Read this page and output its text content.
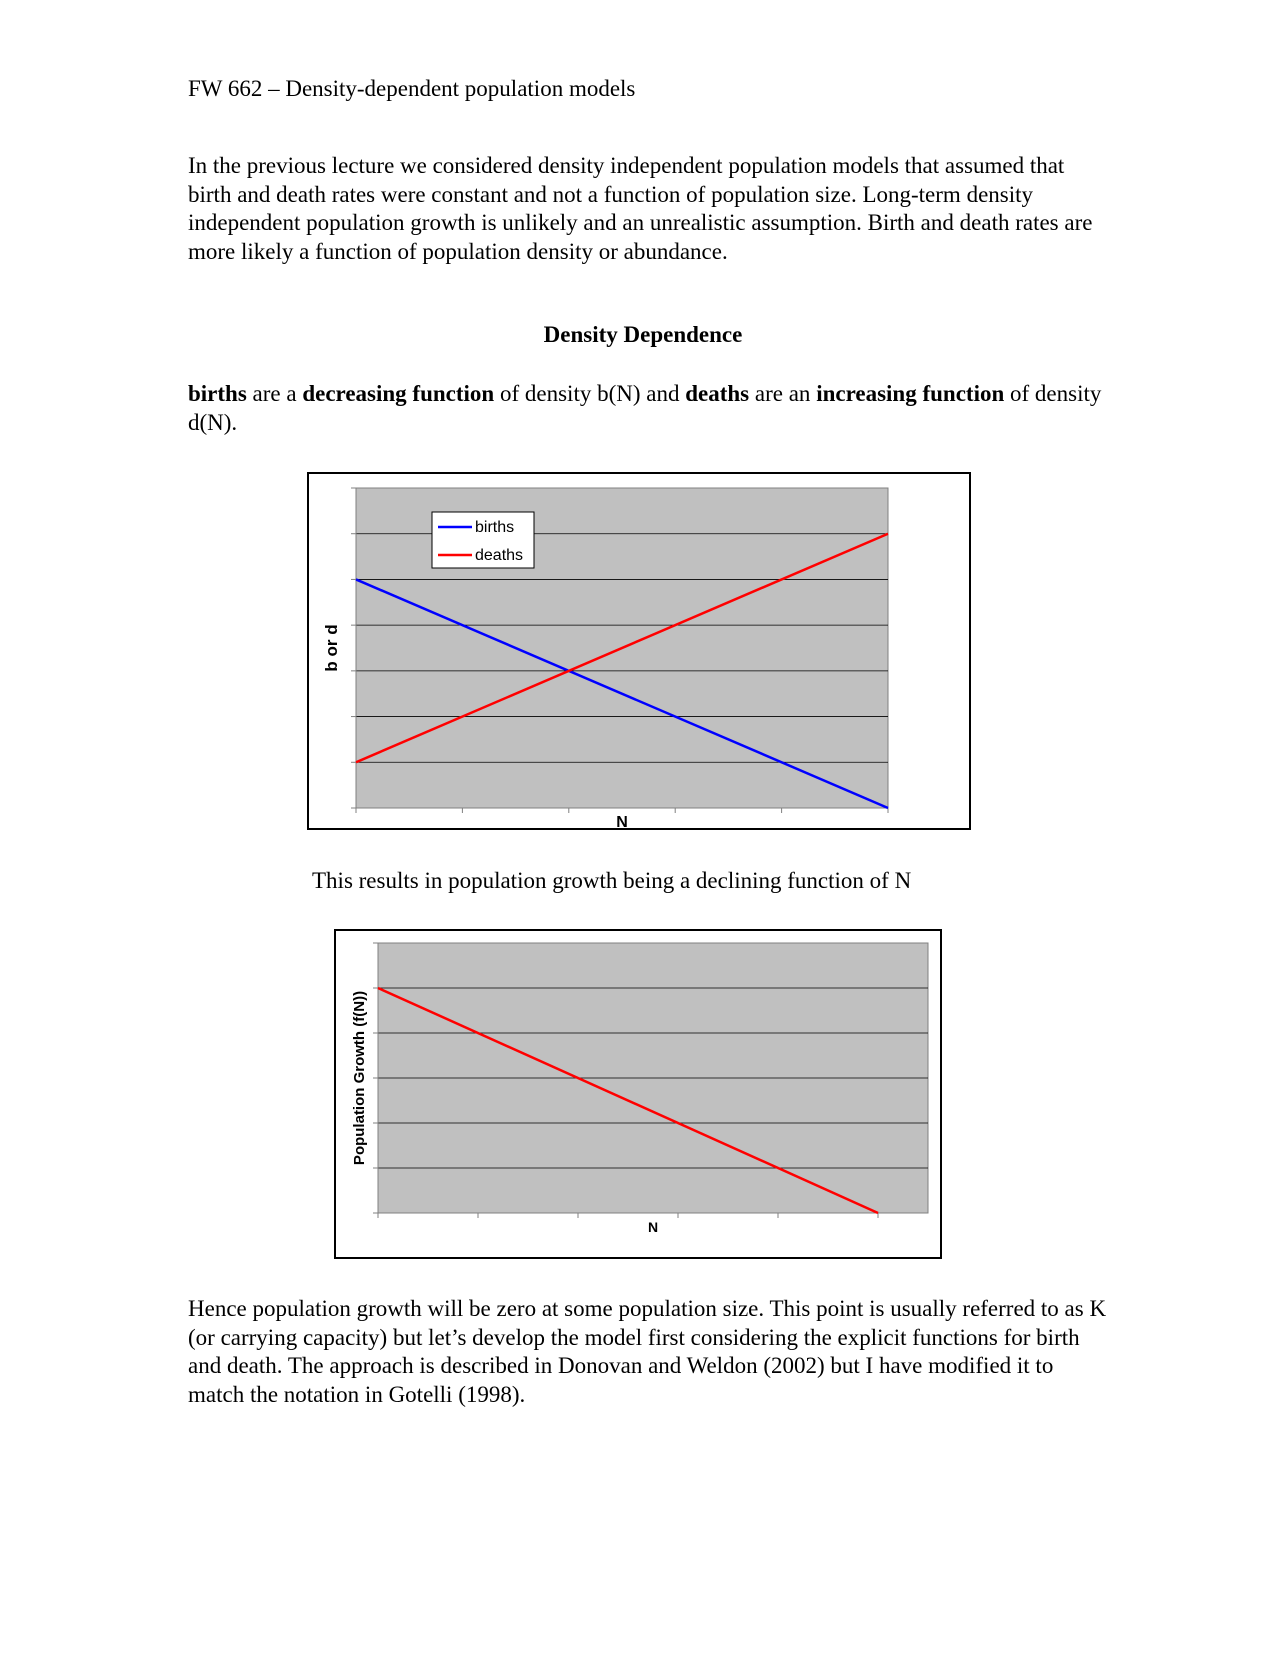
FW 662 – Density-dependent population models
In the previous lecture we considered density independent population models that assumed that birth and death rates were constant and not a function of population size. Long-term density independent population growth is unlikely and an unrealistic assumption. Birth and death rates are more likely a function of population density or abundance.
Density Dependence
births are a decreasing function of density b(N) and deaths are an increasing function of density d(N).
N
b or d
births
deaths
This results in population growth being a declining function of N
N
Population Growth (f(N))
Hence population growth will be zero at some population size. This point is usually referred to as K (or carrying capacity) but let’s develop the model first considering the explicit functions for birth and death. The approach is described in Donovan and Weldon (2002) but I have modified it to match the notation in Gotelli (1998).
